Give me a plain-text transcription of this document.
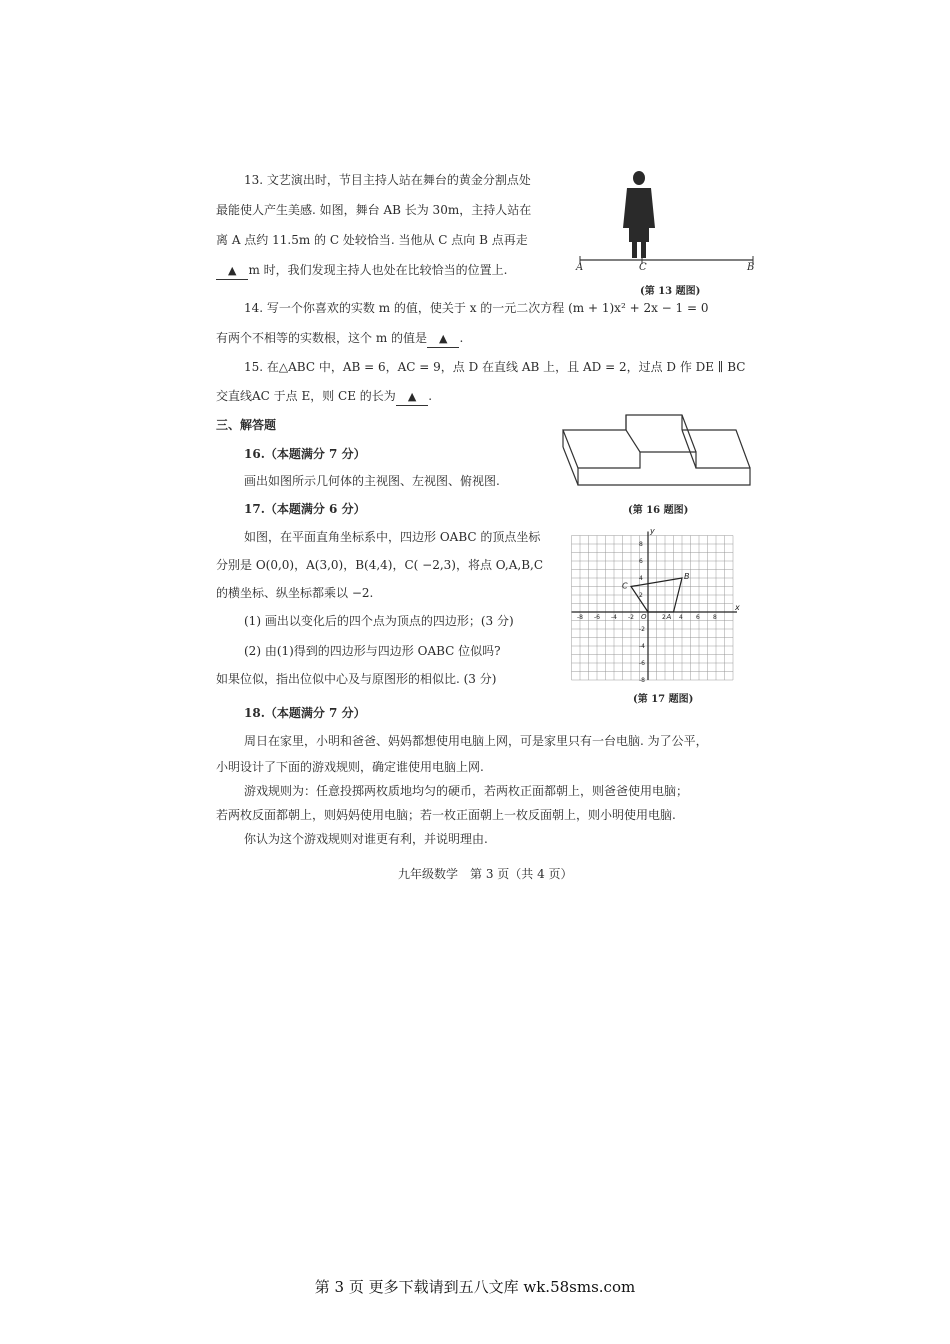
13. 文艺演出时，节目主持人站在舞台的黄金分割点处
最能使人产生美感. 如图，舞台 AB 长为 30m，主持人站在
离 A 点约 11.5m 的 C 处较恰当. 当他从 C 点向 B 点再走
▲ m 时，我们发现主持人也处在比较恰当的位置上.	A	C	B
(第 13 题图)
14. 写一个你喜欢的实数 m 的值，使关于 x 的一元二次方程 (m + 1)x² + 2x − 1 = 0
有两个不相等的实数根，这个 m 的值是 ▲ .
15. 在△ABC 中，AB = 6，AC = 9，点 D 在直线 AB 上，且 AD = 2，过点 D 作 DE ∥ BC
交直线AC 于点 E，则 CE 的长为 ▲ .
三、解答题
16.（本题满分 7 分）
画出如图所示几何体的主视图、左视图、俯视图.
(第 16 题图)
17.（本题满分 6 分）
如图，在平面直角坐标系中，四边形 OABC 的顶点坐标
分别是 O(0,0)，A(3,0)，B(4,4)，C( −2,3)，将点 O,A,B,C
的横坐标、纵坐标都乘以 −2.
(1) 画出以变化后的四个点为顶点的四边形；(3 分)
(2) 由(1)得到的四边形与四边形 OABC 位似吗?
如果位似，指出位似中心及与原图形的相似比. (3 分)
-8 -6 -4 -2	2 4 6 8
8
6
4
2
-2
-4
-6
-8
x
y
O	A
B
C
(第 17 题图)
18.（本题满分 7 分）
周日在家里，小明和爸爸、妈妈都想使用电脑上网，可是家里只有一台电脑. 为了公平，
小明设计了下面的游戏规则，确定谁使用电脑上网.
游戏规则为：任意投掷两枚质地均匀的硬币，若两枚正面都朝上，则爸爸使用电脑；
若两枚反面都朝上，则妈妈使用电脑；若一枚正面朝上一枚反面朝上，则小明使用电脑.
你认为这个游戏规则对谁更有利，并说明理由.
九年级数学　第 3 页（共 4 页）
第 3 页 更多下载请到五八文库 wk.58sms.com
